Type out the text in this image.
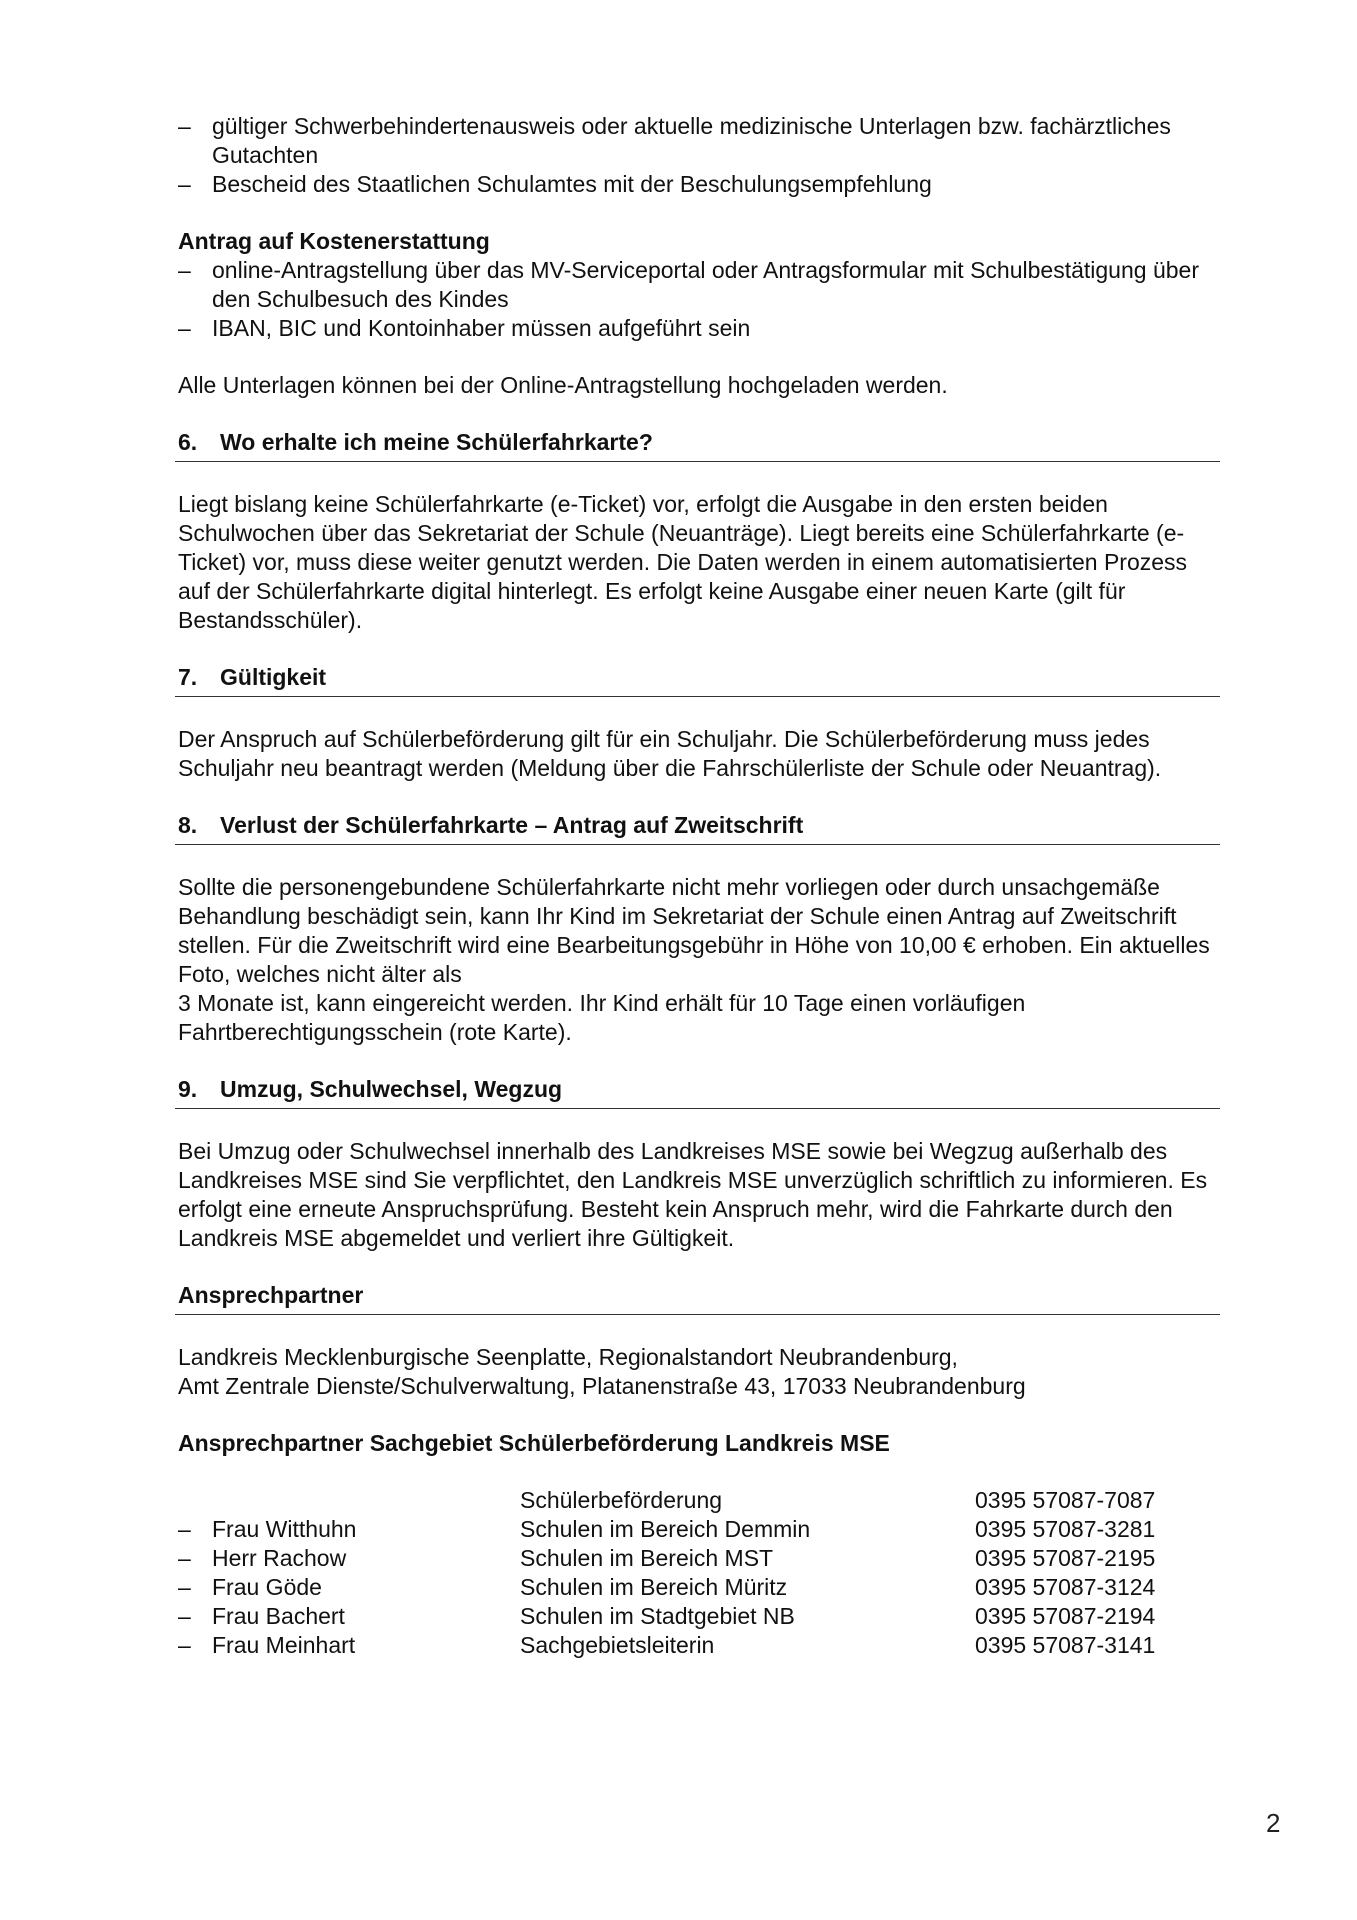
– gültiger Schwerbehindertenausweis oder aktuelle medizinische Unterlagen bzw. fachärztliches Gutachten
– Bescheid des Staatlichen Schulamtes mit der Beschulungsempfehlung
Antrag auf Kostenerstattung
– online-Antragstellung über das MV-Serviceportal oder Antragsformular mit Schulbestätigung über den Schulbesuch des Kindes
– IBAN, BIC und Kontoinhaber müssen aufgeführt sein
Alle Unterlagen können bei der Online-Antragstellung hochgeladen werden.
6. Wo erhalte ich meine Schülerfahrkarte?
Liegt bislang keine Schülerfahrkarte (e-Ticket) vor, erfolgt die Ausgabe in den ersten beiden Schulwochen über das Sekretariat der Schule (Neuanträge). Liegt bereits eine Schülerfahrkarte (e-Ticket) vor, muss diese weiter genutzt werden. Die Daten werden in einem automatisierten Prozess auf der Schülerfahrkarte digital hinterlegt. Es erfolgt keine Ausgabe einer neuen Karte (gilt für Bestandsschüler).
7. Gültigkeit
Der Anspruch auf Schülerbeförderung gilt für ein Schuljahr. Die Schülerbeförderung muss jedes Schuljahr neu beantragt werden (Meldung über die Fahrschülerliste der Schule oder Neuantrag).
8. Verlust der Schülerfahrkarte – Antrag auf Zweitschrift
Sollte die personengebundene Schülerfahrkarte nicht mehr vorliegen oder durch unsachgemäße Behandlung beschädigt sein, kann Ihr Kind im Sekretariat der Schule einen Antrag auf Zweitschrift stellen. Für die Zweitschrift wird eine Bearbeitungsgebühr in Höhe von 10,00 € erhoben. Ein aktuelles Foto, welches nicht älter als
3 Monate ist, kann eingereicht werden. Ihr Kind erhält für 10 Tage einen vorläufigen Fahrtberechtigungsschein (rote Karte).
9. Umzug, Schulwechsel, Wegzug
Bei Umzug oder Schulwechsel innerhalb des Landkreises MSE sowie bei Wegzug außerhalb des Landkreises MSE sind Sie verpflichtet, den Landkreis MSE unverzüglich schriftlich zu informieren. Es erfolgt eine erneute Anspruchsprüfung. Besteht kein Anspruch mehr, wird die Fahrkarte durch den Landkreis MSE abgemeldet und verliert ihre Gültigkeit.
Ansprechpartner
Landkreis Mecklenburgische Seenplatte, Regionalstandort Neubrandenburg,
Amt Zentrale Dienste/Schulverwaltung, Platanenstraße 43, 17033 Neubrandenburg
Ansprechpartner Sachgebiet Schülerbeförderung Landkreis MSE
	Schülerbeförderung	0395 57087-7087

– Frau Witthuhn	Schulen im Bereich Demmin	0395 57087-3281

– Herr Rachow	Schulen im Bereich MST	0395 57087-2195

– Frau Göde	Schulen im Bereich Müritz	0395 57087-3124

– Frau Bachert	Schulen im Stadtgebiet NB	0395 57087-2194

– Frau Meinhart	Sachgebietsleiterin	0395 57087-3141
2
